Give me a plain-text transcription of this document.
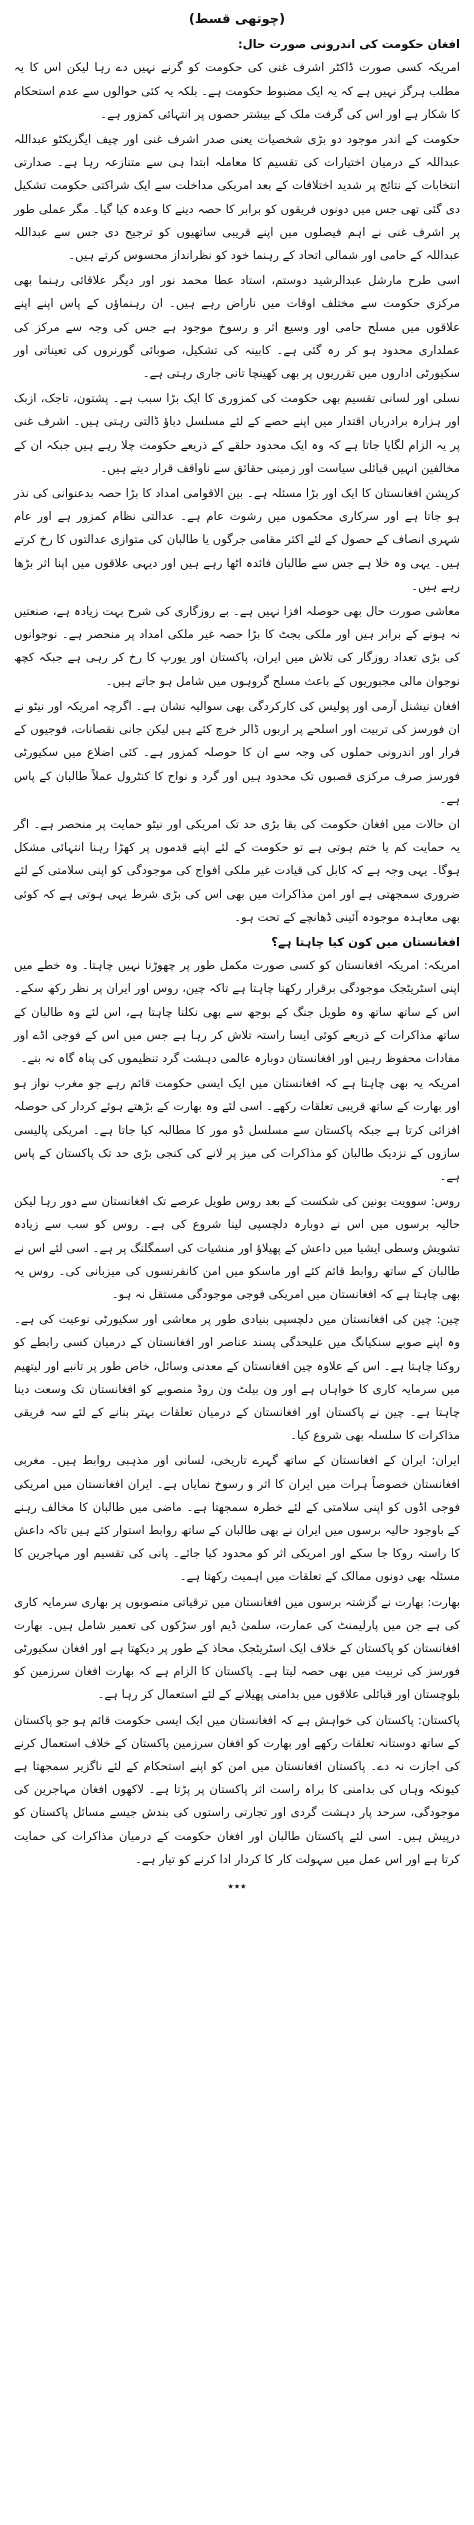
(چوتھی قسط)

افغان حکومت کی اندرونی صورت حال:

امریکہ کسی صورت ڈاکٹر اشرف غنی کی حکومت کو گرنے نہیں دے رہا لیکن اس کا یہ مطلب ہرگز نہیں ہے کہ یہ ایک مضبوط حکومت ہے۔ بلکہ یہ کئی حوالوں سے عدم استحکام کا شکار ہے اور اس کی گرفت ملک کے بیشتر حصوں پر انتہائی کمزور ہے۔

حکومت کے اندر موجود دو بڑی شخصیات یعنی صدر اشرف غنی اور چیف ایگزیکٹو عبداللہ عبداللہ کے درمیان اختیارات کی تقسیم کا معاملہ ابتدا ہی سے متنازعہ رہا ہے۔ صدارتی انتخابات کے نتائج پر شدید اختلافات کے بعد امریکی مداخلت سے ایک شراکتی حکومت تشکیل دی گئی تھی جس میں دونوں فریقوں کو برابر کا حصہ دینے کا وعدہ کیا گیا۔ مگر عملی طور پر اشرف غنی نے اہم فیصلوں میں اپنے قریبی ساتھیوں کو ترجیح دی جس سے عبداللہ عبداللہ کے حامی اور شمالی اتحاد کے رہنما خود کو نظرانداز محسوس کرتے ہیں۔

اسی طرح مارشل عبدالرشید دوستم، استاد عطا محمد نور اور دیگر علاقائی رہنما بھی مرکزی حکومت سے مختلف اوقات میں ناراض رہے ہیں۔ ان رہنماؤں کے پاس اپنے اپنے علاقوں میں مسلح حامی اور وسیع اثر و رسوخ موجود ہے جس کی وجہ سے مرکز کی عملداری محدود ہو کر رہ گئی ہے۔ کابینہ کی تشکیل، صوبائی گورنروں کی تعیناتی اور سکیورٹی اداروں میں تقرریوں پر بھی کھینچا تانی جاری رہتی ہے۔

نسلی اور لسانی تقسیم بھی حکومت کی کمزوری کا ایک بڑا سبب ہے۔ پشتون، تاجک، ازبک اور ہزارہ برادریاں اقتدار میں اپنے حصے کے لئے مسلسل دباؤ ڈالتی رہتی ہیں۔ اشرف غنی پر یہ الزام لگایا جاتا ہے کہ وہ ایک محدود حلقے کے ذریعے حکومت چلا رہے ہیں جبکہ ان کے مخالفین انہیں قبائلی سیاست اور زمینی حقائق سے ناواقف قرار دیتے ہیں۔

کرپشن افغانستان کا ایک اور بڑا مسئلہ ہے۔ بین الاقوامی امداد کا بڑا حصہ بدعنوانی کی نذر ہو جاتا ہے اور سرکاری محکموں میں رشوت عام ہے۔ عدالتی نظام کمزور ہے اور عام شہری انصاف کے حصول کے لئے اکثر مقامی جرگوں یا طالبان کی متوازی عدالتوں کا رخ کرتے ہیں۔ یہی وہ خلا ہے جس سے طالبان فائدہ اٹھا رہے ہیں اور دیہی علاقوں میں اپنا اثر بڑھا رہے ہیں۔

معاشی صورت حال بھی حوصلہ افزا نہیں ہے۔ بے روزگاری کی شرح بہت زیادہ ہے، صنعتیں نہ ہونے کے برابر ہیں اور ملکی بجٹ کا بڑا حصہ غیر ملکی امداد پر منحصر ہے۔ نوجوانوں کی بڑی تعداد روزگار کی تلاش میں ایران، پاکستان اور یورپ کا رخ کر رہی ہے جبکہ کچھ نوجوان مالی مجبوریوں کے باعث مسلح گروہوں میں شامل ہو جاتے ہیں۔

افغان نیشنل آرمی اور پولیس کی کارکردگی بھی سوالیہ نشان ہے۔ اگرچہ امریکہ اور نیٹو نے ان فورسز کی تربیت اور اسلحے پر اربوں ڈالر خرچ کئے ہیں لیکن جانی نقصانات، فوجیوں کے فرار اور اندرونی حملوں کی وجہ سے ان کا حوصلہ کمزور ہے۔ کئی اضلاع میں سکیورٹی فورسز صرف مرکزی قصبوں تک محدود ہیں اور گرد و نواح کا کنٹرول عملاً طالبان کے پاس ہے۔

ان حالات میں افغان حکومت کی بقا بڑی حد تک امریکی اور نیٹو حمایت پر منحصر ہے۔ اگر یہ حمایت کم یا ختم ہوتی ہے تو حکومت کے لئے اپنے قدموں پر کھڑا رہنا انتہائی مشکل ہوگا۔ یہی وجہ ہے کہ کابل کی قیادت غیر ملکی افواج کی موجودگی کو اپنی سلامتی کے لئے ضروری سمجھتی ہے اور امن مذاکرات میں بھی اس کی بڑی شرط یہی ہوتی ہے کہ کوئی بھی معاہدہ موجودہ آئینی ڈھانچے کے تحت ہو۔

افغانستان میں کون کیا چاہتا ہے؟

امریکہ: امریکہ افغانستان کو کسی صورت مکمل طور پر چھوڑنا نہیں چاہتا۔ وہ خطے میں اپنی اسٹریٹجک موجودگی برقرار رکھنا چاہتا ہے تاکہ چین، روس اور ایران پر نظر رکھ سکے۔ اس کے ساتھ ساتھ وہ طویل جنگ کے بوجھ سے بھی نکلنا چاہتا ہے، اس لئے وہ طالبان کے ساتھ مذاکرات کے ذریعے کوئی ایسا راستہ تلاش کر رہا ہے جس میں اس کے فوجی اڈے اور مفادات محفوظ رہیں اور افغانستان دوبارہ عالمی دہشت گرد تنظیموں کی پناہ گاہ نہ بنے۔

امریکہ یہ بھی چاہتا ہے کہ افغانستان میں ایک ایسی حکومت قائم رہے جو مغرب نواز ہو اور بھارت کے ساتھ قریبی تعلقات رکھے۔ اسی لئے وہ بھارت کے بڑھتے ہوئے کردار کی حوصلہ افزائی کرتا ہے جبکہ پاکستان سے مسلسل ڈو مور کا مطالبہ کیا جاتا ہے۔ امریکی پالیسی سازوں کے نزدیک طالبان کو مذاکرات کی میز پر لانے کی کنجی بڑی حد تک پاکستان کے پاس ہے۔

روس: سوویت یونین کی شکست کے بعد روس طویل عرصے تک افغانستان سے دور رہا لیکن حالیہ برسوں میں اس نے دوبارہ دلچسپی لینا شروع کی ہے۔ روس کو سب سے زیادہ تشویش وسطی ایشیا میں داعش کے پھیلاؤ اور منشیات کی اسمگلنگ پر ہے۔ اسی لئے اس نے طالبان کے ساتھ روابط قائم کئے اور ماسکو میں امن کانفرنسوں کی میزبانی کی۔ روس یہ بھی چاہتا ہے کہ افغانستان میں امریکی فوجی موجودگی مستقل نہ ہو۔

چین: چین کی افغانستان میں دلچسپی بنیادی طور پر معاشی اور سکیورٹی نوعیت کی ہے۔ وہ اپنے صوبے سنکیانگ میں علیحدگی پسند عناصر اور افغانستان کے درمیان کسی رابطے کو روکنا چاہتا ہے۔ اس کے علاوہ چین افغانستان کے معدنی وسائل، خاص طور پر تانبے اور لیتھیم میں سرمایہ کاری کا خواہاں ہے اور ون بیلٹ ون روڈ منصوبے کو افغانستان تک وسعت دینا چاہتا ہے۔ چین نے پاکستان اور افغانستان کے درمیان تعلقات بہتر بنانے کے لئے سہ فریقی مذاکرات کا سلسلہ بھی شروع کیا۔

ایران: ایران کے افغانستان کے ساتھ گہرے تاریخی، لسانی اور مذہبی روابط ہیں۔ مغربی افغانستان خصوصاً ہرات میں ایران کا اثر و رسوخ نمایاں ہے۔ ایران افغانستان میں امریکی فوجی اڈوں کو اپنی سلامتی کے لئے خطرہ سمجھتا ہے۔ ماضی میں طالبان کا مخالف رہنے کے باوجود حالیہ برسوں میں ایران نے بھی طالبان کے ساتھ روابط استوار کئے ہیں تاکہ داعش کا راستہ روکا جا سکے اور امریکی اثر کو محدود کیا جائے۔ پانی کی تقسیم اور مہاجرین کا مسئلہ بھی دونوں ممالک کے تعلقات میں اہمیت رکھتا ہے۔

بھارت: بھارت نے گزشتہ برسوں میں افغانستان میں ترقیاتی منصوبوں پر بھاری سرمایہ کاری کی ہے جن میں پارلیمنٹ کی عمارت، سلمیٰ ڈیم اور سڑکوں کی تعمیر شامل ہیں۔ بھارت افغانستان کو پاکستان کے خلاف ایک اسٹریٹجک محاذ کے طور پر دیکھتا ہے اور افغان سکیورٹی فورسز کی تربیت میں بھی حصہ لیتا ہے۔ پاکستان کا الزام ہے کہ بھارت افغان سرزمین کو بلوچستان اور قبائلی علاقوں میں بدامنی پھیلانے کے لئے استعمال کر رہا ہے۔

پاکستان: پاکستان کی خواہش ہے کہ افغانستان میں ایک ایسی حکومت قائم ہو جو پاکستان کے ساتھ دوستانہ تعلقات رکھے اور بھارت کو افغان سرزمین پاکستان کے خلاف استعمال کرنے کی اجازت نہ دے۔ پاکستان افغانستان میں امن کو اپنے استحکام کے لئے ناگزیر سمجھتا ہے کیونکہ وہاں کی بدامنی کا براہ راست اثر پاکستان پر پڑتا ہے۔ لاکھوں افغان مہاجرین کی موجودگی، سرحد پار دہشت گردی اور تجارتی راستوں کی بندش جیسے مسائل پاکستان کو درپیش ہیں۔ اسی لئے پاکستان طالبان اور افغان حکومت کے درمیان مذاکرات کی حمایت کرتا ہے اور اس عمل میں سہولت کار کا کردار ادا کرنے کو تیار ہے۔

٭٭٭
